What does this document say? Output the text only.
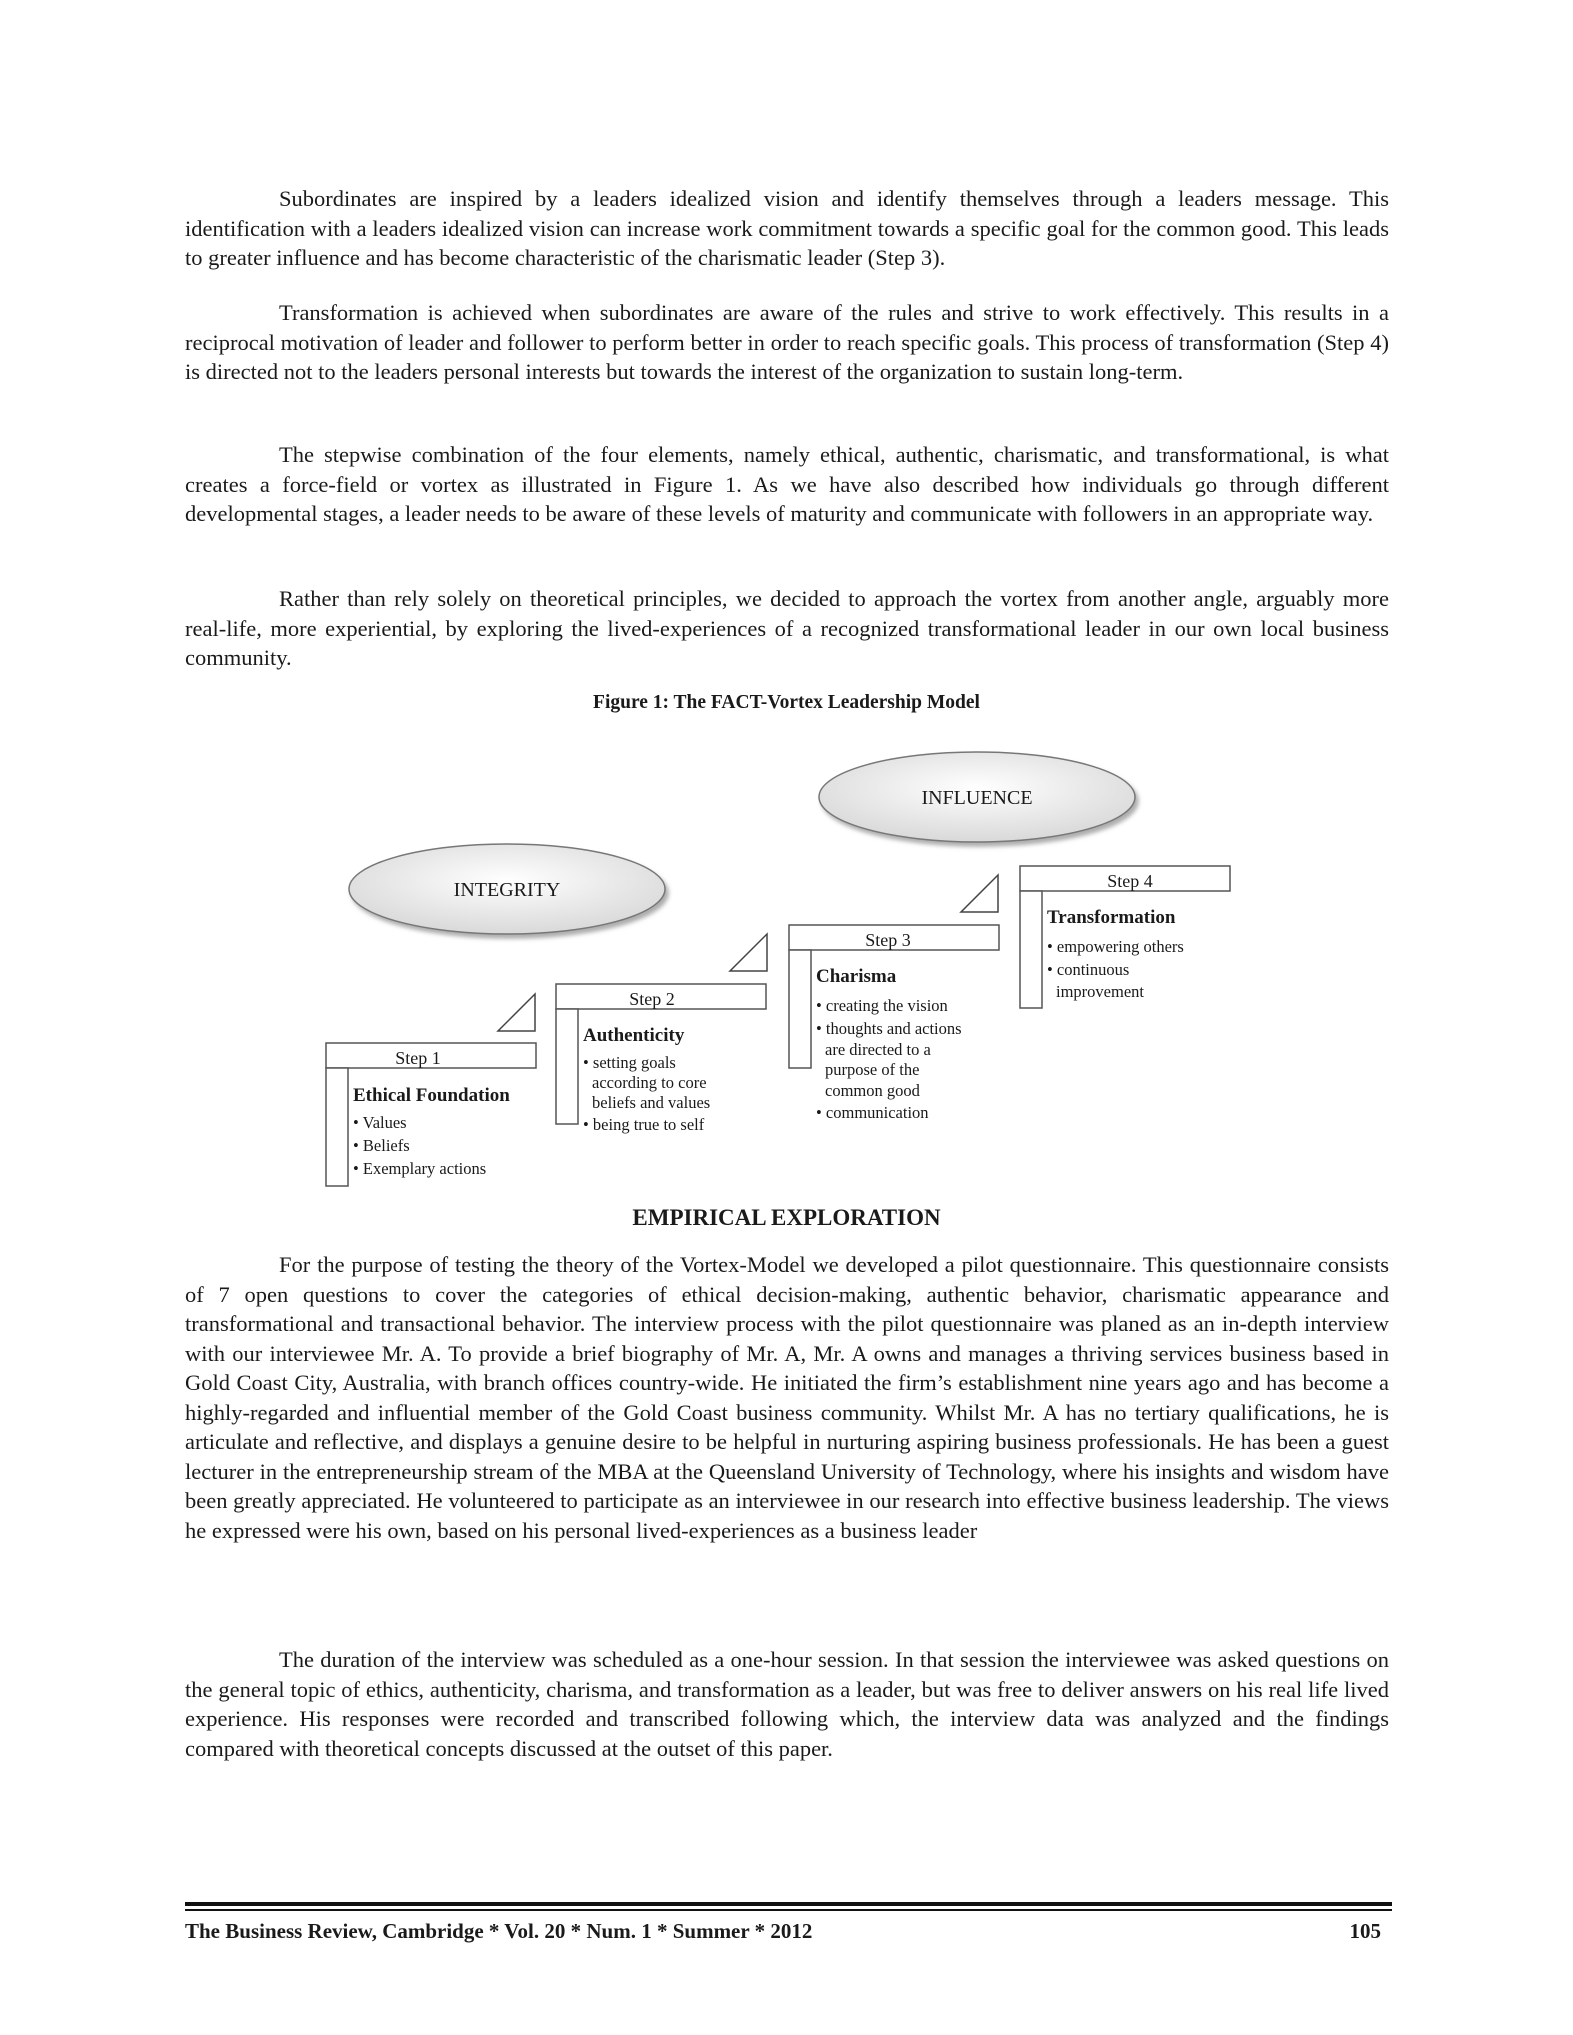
Subordinates are inspired by a leaders idealized vision and identify themselves through a leaders message. This identification with a leaders idealized vision can increase work commitment towards a specific goal for the common good. This leads to greater influence and has become characteristic of the charismatic leader (Step 3).

Transformation is achieved when subordinates are aware of the rules and strive to work effectively. This results in a reciprocal motivation of leader and follower to perform better in order to reach specific goals. This process of transformation (Step 4) is directed not to the leaders personal interests but towards the interest of the organization to sustain long-term.

The stepwise combination of the four elements, namely ethical, authentic, charismatic, and transformational, is what creates a force-field or vortex as illustrated in Figure 1. As we have also described how individuals go through different developmental stages, a leader needs to be aware of these levels of maturity and communicate with followers in an appropriate way.

Rather than rely solely on theoretical principles, we decided to approach the vortex from another angle, arguably more real-life, more experiential, by exploring the lived-experiences of a recognized transformational leader in our own local business community.

Figure 1: The FACT-Vortex Leadership Model
INTEGRITY
INFLUENCE
Step 1
Ethical Foundation
• Values
• Beliefs
• Exemplary actions
Step 2
Authenticity
• setting goals
according to core
beliefs and values
• being true to self
Step 3
Charisma
• creating the vision
• thoughts and actions
are directed to a
purpose of the
common good
• communication
Step 4
Transformation
• empowering others
• continuous
improvement
EMPIRICAL EXPLORATION

For the purpose of testing the theory of the Vortex-Model we developed a pilot questionnaire. This questionnaire consists of 7 open questions to cover the categories of ethical decision-making, authentic behavior, charismatic appearance and transformational and transactional behavior. The interview process with the pilot questionnaire was planed as an in-depth interview with our interviewee Mr. A. To provide a brief biography of Mr. A, Mr. A owns and manages a thriving services business based in Gold Coast City, Australia, with branch offices country-wide. He initiated the firm’s establishment nine years ago and has become a highly-regarded and influential member of the Gold Coast business community. Whilst Mr. A has no tertiary qualifications, he is articulate and reflective, and displays a genuine desire to be helpful in nurturing aspiring business professionals. He has been a guest lecturer in the entrepreneurship stream of the MBA at the Queensland University of Technology, where his insights and wisdom have been greatly appreciated. He volunteered to participate as an interviewee in our research into effective business leadership. The views he expressed were his own, based on his personal lived-experiences as a business leader

The duration of the interview was scheduled as a one-hour session. In that session the interviewee was asked questions on the general topic of ethics, authenticity, charisma, and transformation as a leader, but was free to deliver answers on his real life lived experience. His responses were recorded and transcribed following which, the interview data was analyzed and the findings compared with theoretical concepts discussed at the outset of this paper.

The Business Review, Cambridge * Vol. 20 * Num. 1 * Summer * 2012	105
